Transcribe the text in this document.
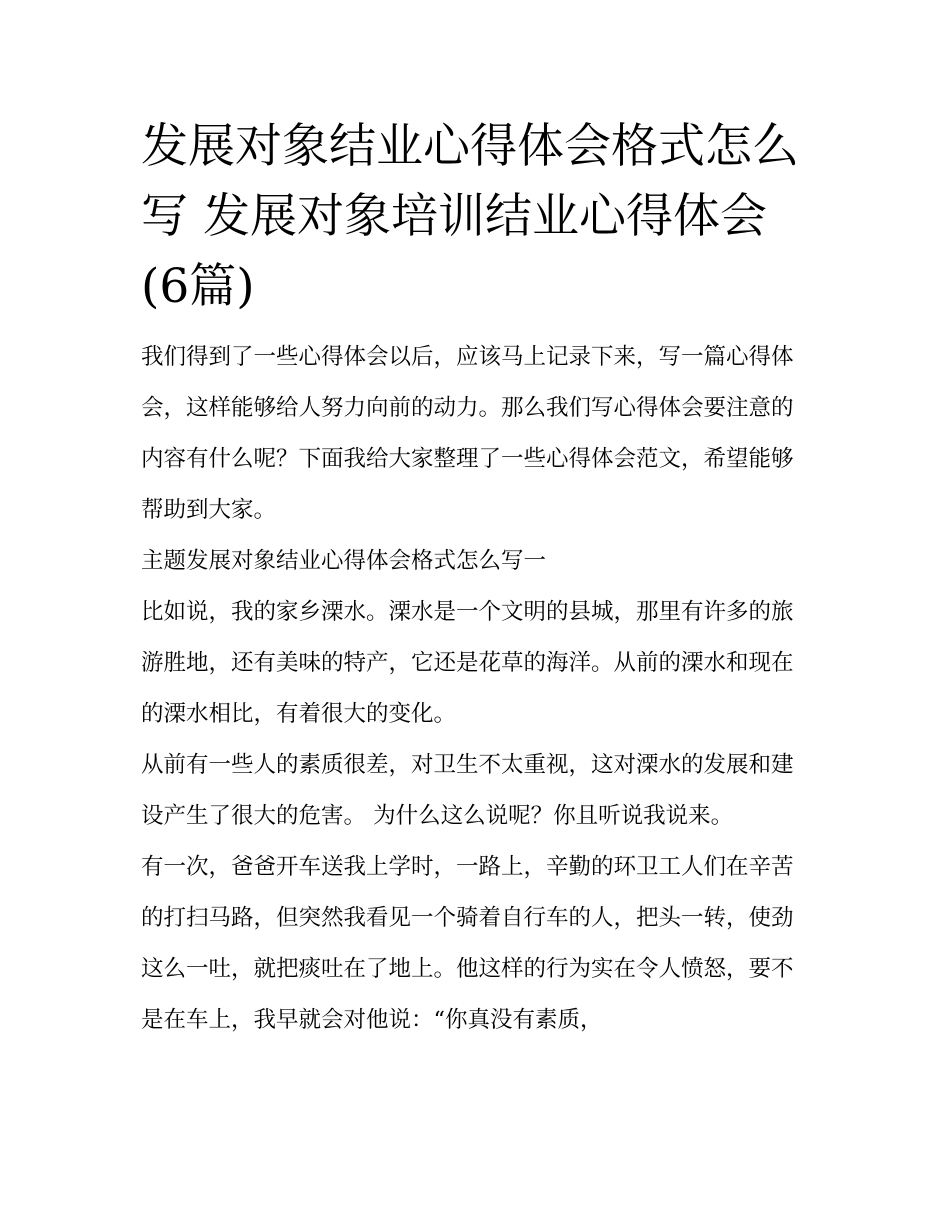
发展对象结业心得体会格式怎么写 发展对象培训结业心得体会(6篇)

我们得到了一些心得体会以后，应该马上记录下来，写一篇心得体会，这样能够给人努力向前的动力。那么我们写心得体会要注意的内容有什么呢？下面我给大家整理了一些心得体会范文，希望能够帮助到大家。

主题发展对象结业心得体会格式怎么写一

比如说，我的家乡溧水。溧水是一个文明的县城，那里有许多的旅游胜地，还有美味的特产，它还是花草的海洋。从前的溧水和现在的溧水相比，有着很大的变化。

从前有一些人的素质很差，对卫生不太重视，这对溧水的发展和建设产生了很大的危害。 为什么这么说呢？你且听说我说来。

有一次，爸爸开车送我上学时，一路上，辛勤的环卫工人们在辛苦的打扫马路，但突然我看见一个骑着自行车的人，把头一转，使劲这么一吐，就把痰吐在了地上。他这样的行为实在令人愤怒，要不是在车上，我早就会对他说：“你真没有素质，
